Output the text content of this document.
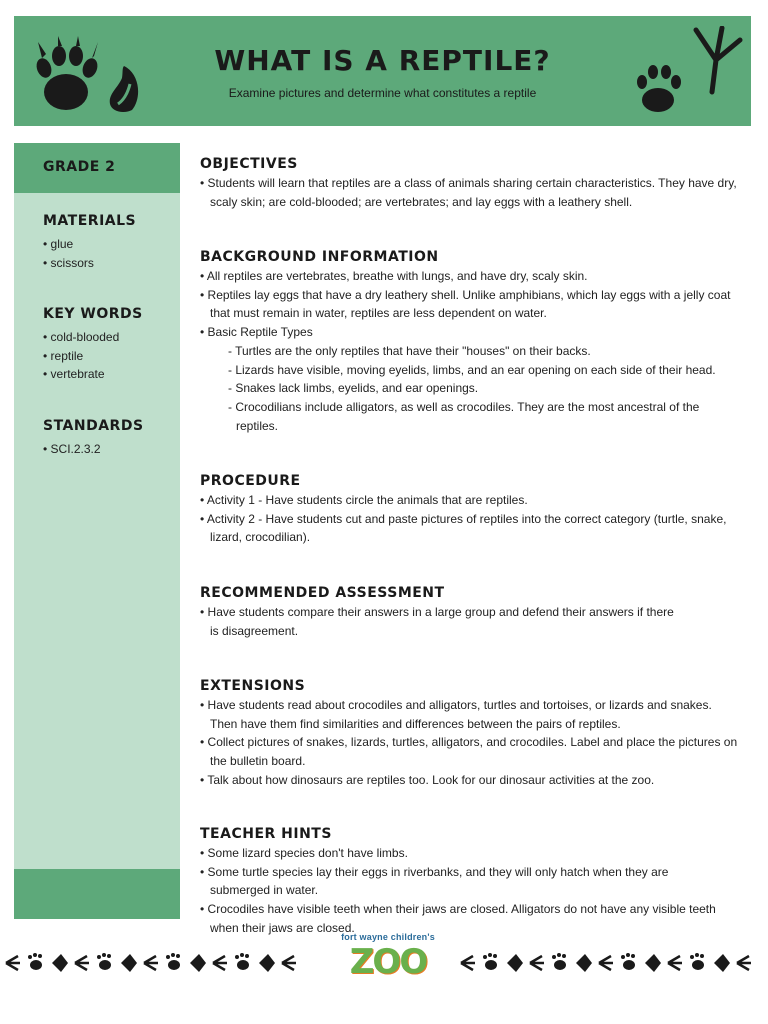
WHAT IS A REPTILE?
Examine pictures and determine what constitutes a reptile
GRADE 2
MATERIALS
• glue
• scissors
KEY WORDS
• cold-blooded
• reptile
• vertebrate
STANDARDS
• SCI.2.3.2
OBJECTIVES
• Students will learn that reptiles are a class of animals sharing certain characteristics. They have dry, scaly skin; are cold-blooded; are vertebrates; and lay eggs with a leathery shell.
BACKGROUND INFORMATION
• All reptiles are vertebrates, breathe with lungs, and have dry, scaly skin.
• Reptiles lay eggs that have a dry leathery shell. Unlike amphibians, which lay eggs with a jelly coat that must remain in water, reptiles are less dependent on water.
• Basic Reptile Types
- Turtles are the only reptiles that have their "houses" on their backs.
- Lizards have visible, moving eyelids, limbs, and an ear opening on each side of their head.
- Snakes lack limbs, eyelids, and ear openings.
- Crocodilians include alligators, as well as crocodiles. They are the most ancestral of the reptiles.
PROCEDURE
• Activity 1 - Have students circle the animals that are reptiles.
• Activity 2 - Have students cut and paste pictures of reptiles into the correct category (turtle, snake, lizard, crocodilian).
RECOMMENDED ASSESSMENT
• Have students compare their answers in a large group and defend their answers if there is disagreement.
EXTENSIONS
• Have students read about crocodiles and alligators, turtles and tortoises, or lizards and snakes. Then have them find similarities and differences between the pairs of reptiles.
• Collect pictures of snakes, lizards, turtles, alligators, and crocodiles. Label and place the pictures on the bulletin board.
• Talk about how dinosaurs are reptiles too. Look for our dinosaur activities at the zoo.
TEACHER HINTS
• Some lizard species don't have limbs.
• Some turtle species lay their eggs in riverbanks, and they will only hatch when they are submerged in water.
• Crocodiles have visible teeth when their jaws are closed. Alligators do not have any visible teeth when their jaws are closed.
fort wayne children's
ZOO
